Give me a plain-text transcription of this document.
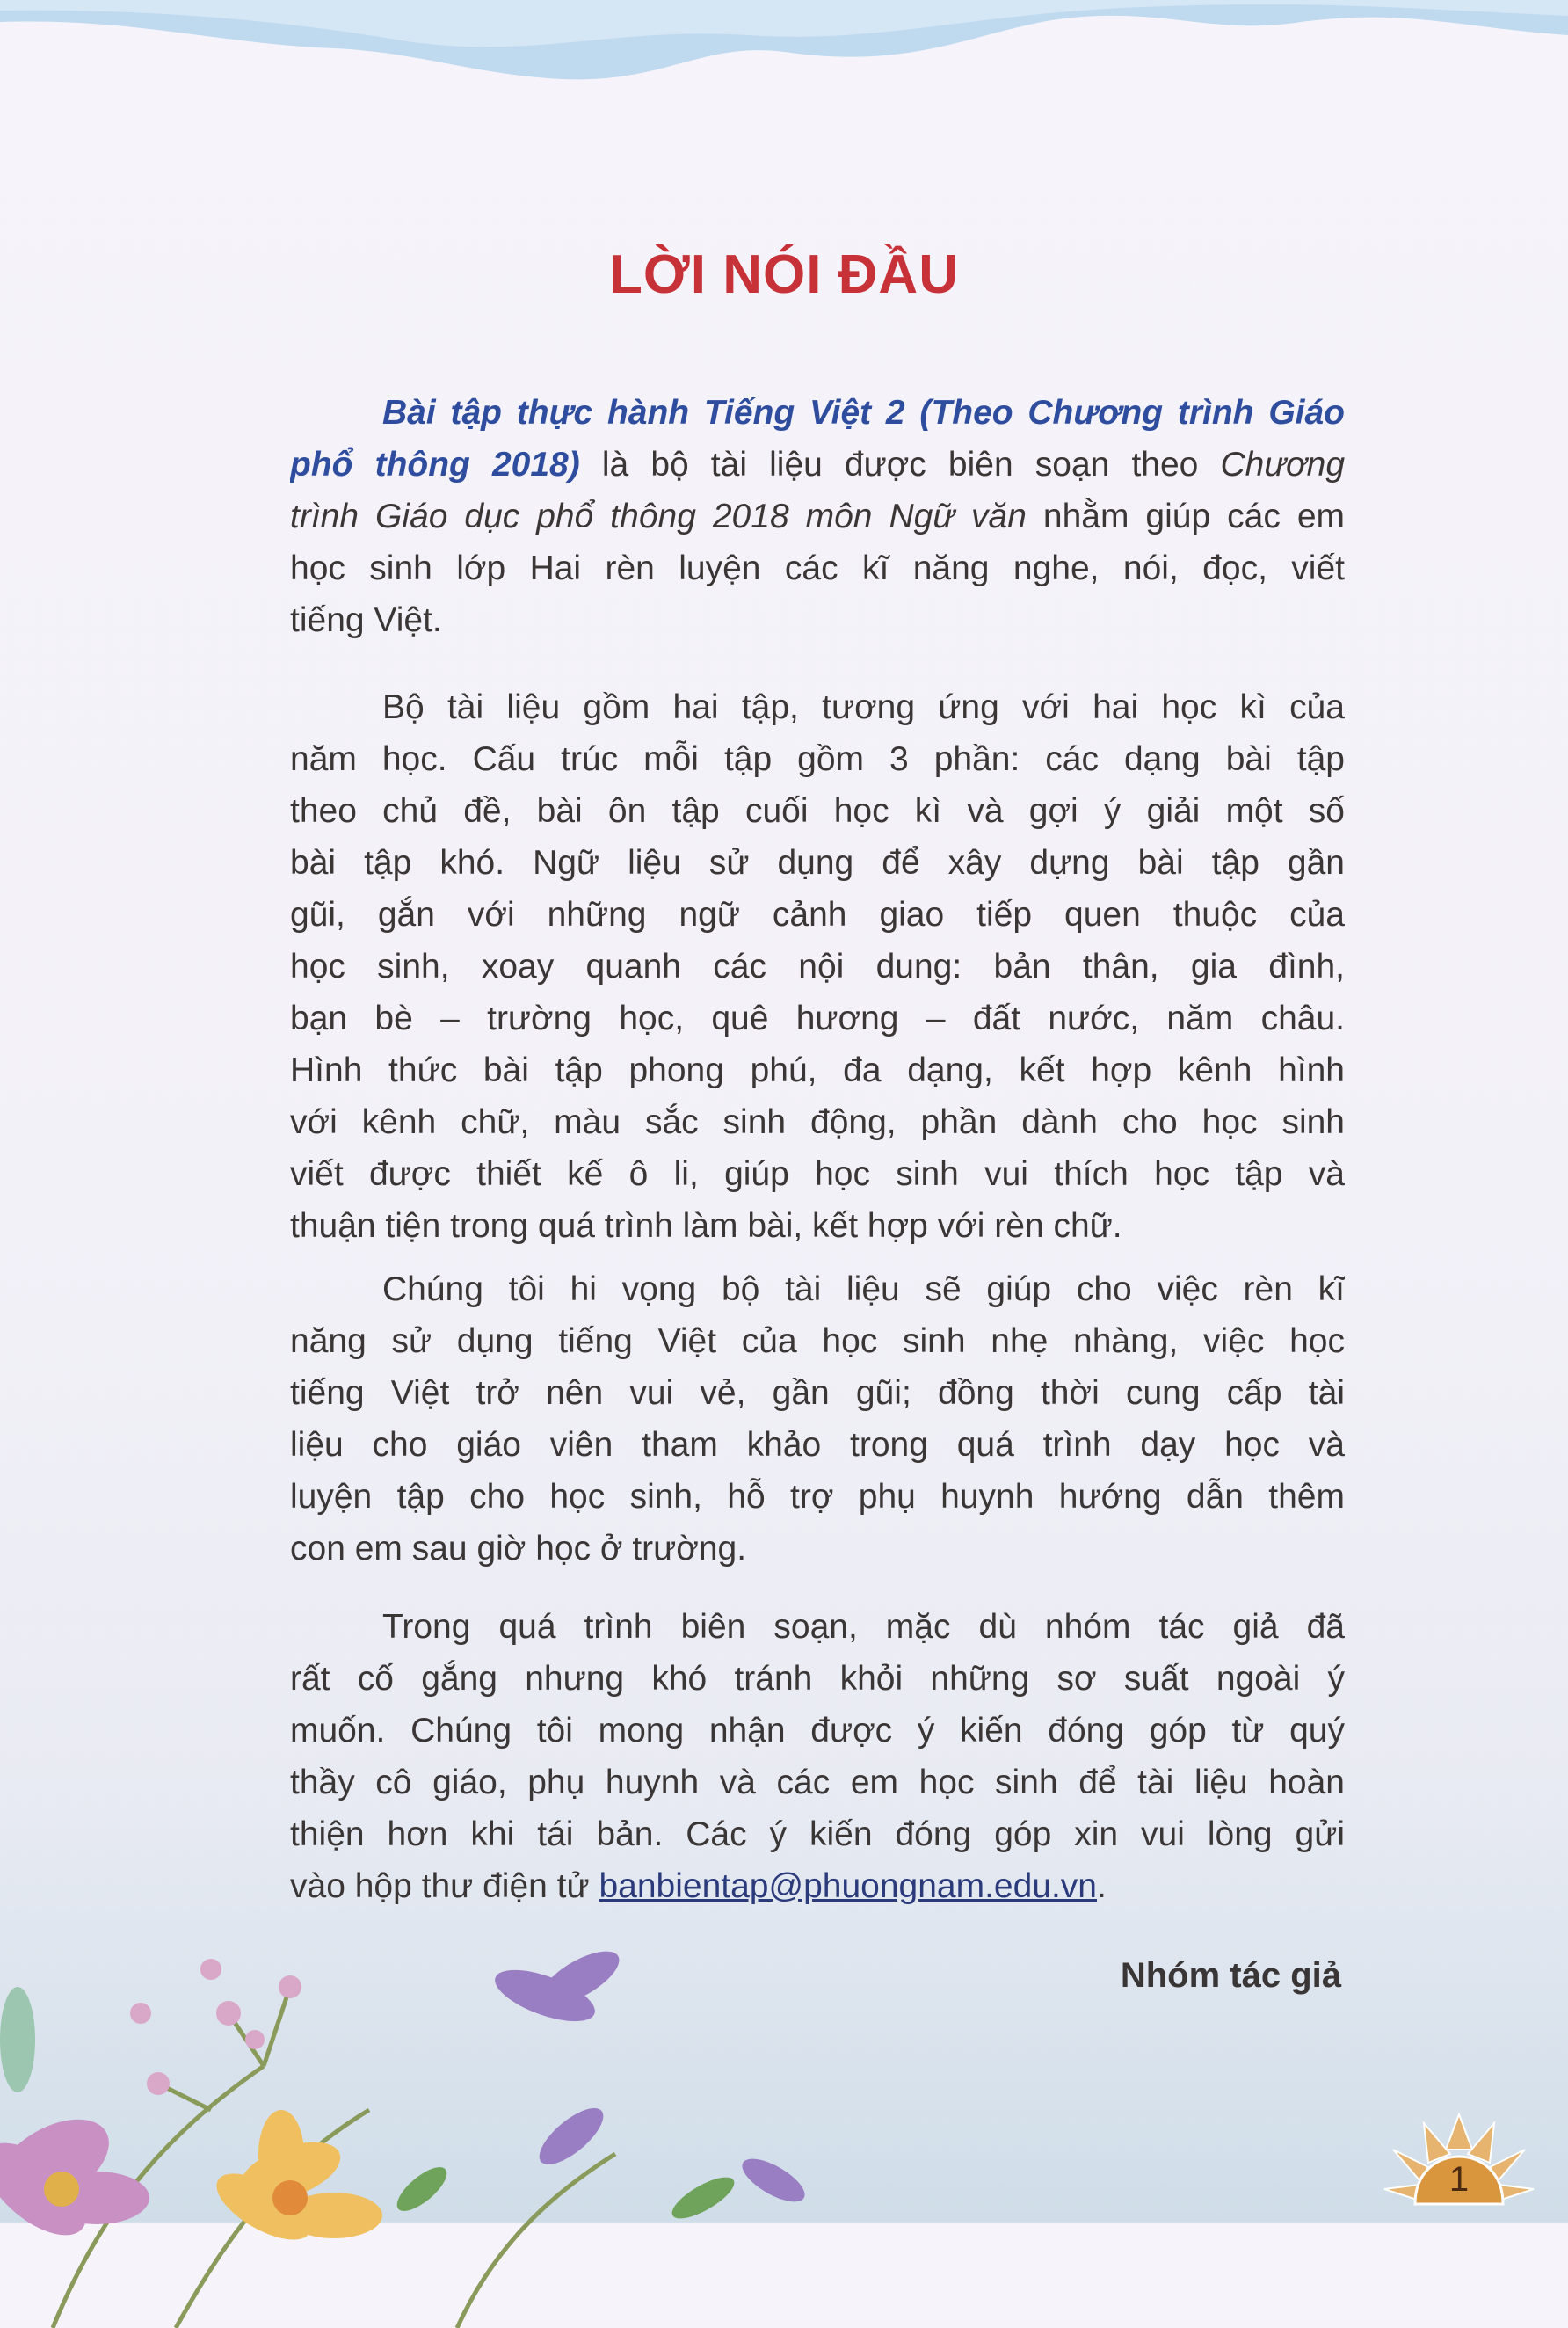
LỜI NÓI ĐẦU
Bài tập thực hành Tiếng Việt 2 (Theo Chương trình Giáo
phổ thông 2018) là bộ tài liệu được biên soạn theo Chương
trình Giáo dục phổ thông 2018 môn Ngữ văn nhằm giúp các em
học sinh lớp Hai rèn luyện các kĩ năng nghe, nói, đọc, viết
tiếng Việt.
Bộ tài liệu gồm hai tập, tương ứng với hai học kì của
năm học. Cấu trúc mỗi tập gồm 3 phần: các dạng bài tập
theo chủ đề, bài ôn tập cuối học kì và gợi ý giải một số
bài tập khó. Ngữ liệu sử dụng để xây dựng bài tập gần
gũi, gắn với những ngữ cảnh giao tiếp quen thuộc của
học sinh, xoay quanh các nội dung: bản thân, gia đình,
bạn bè – trường học, quê hương – đất nước, năm châu.
Hình thức bài tập phong phú, đa dạng, kết hợp kênh hình
với kênh chữ, màu sắc sinh động, phần dành cho học sinh
viết được thiết kế ô li, giúp học sinh vui thích học tập và
thuận tiện trong quá trình làm bài, kết hợp với rèn chữ.
Chúng tôi hi vọng bộ tài liệu sẽ giúp cho việc rèn kĩ
năng sử dụng tiếng Việt của học sinh nhẹ nhàng, việc học
tiếng Việt trở nên vui vẻ, gần gũi; đồng thời cung cấp tài
liệu cho giáo viên tham khảo trong quá trình dạy học và
luyện tập cho học sinh, hỗ trợ phụ huynh hướng dẫn thêm
con em sau giờ học ở trường.
Trong quá trình biên soạn, mặc dù nhóm tác giả đã
rất cố gắng nhưng khó tránh khỏi những sơ suất ngoài ý
muốn. Chúng tôi mong nhận được ý kiến đóng góp từ quý
thầy cô giáo, phụ huynh và các em học sinh để tài liệu hoàn
thiện hơn khi tái bản. Các ý kiến đóng góp xin vui lòng gửi
vào hộp thư điện tử banbientap@phuongnam.edu.vn.
Nhóm tác giả
1
